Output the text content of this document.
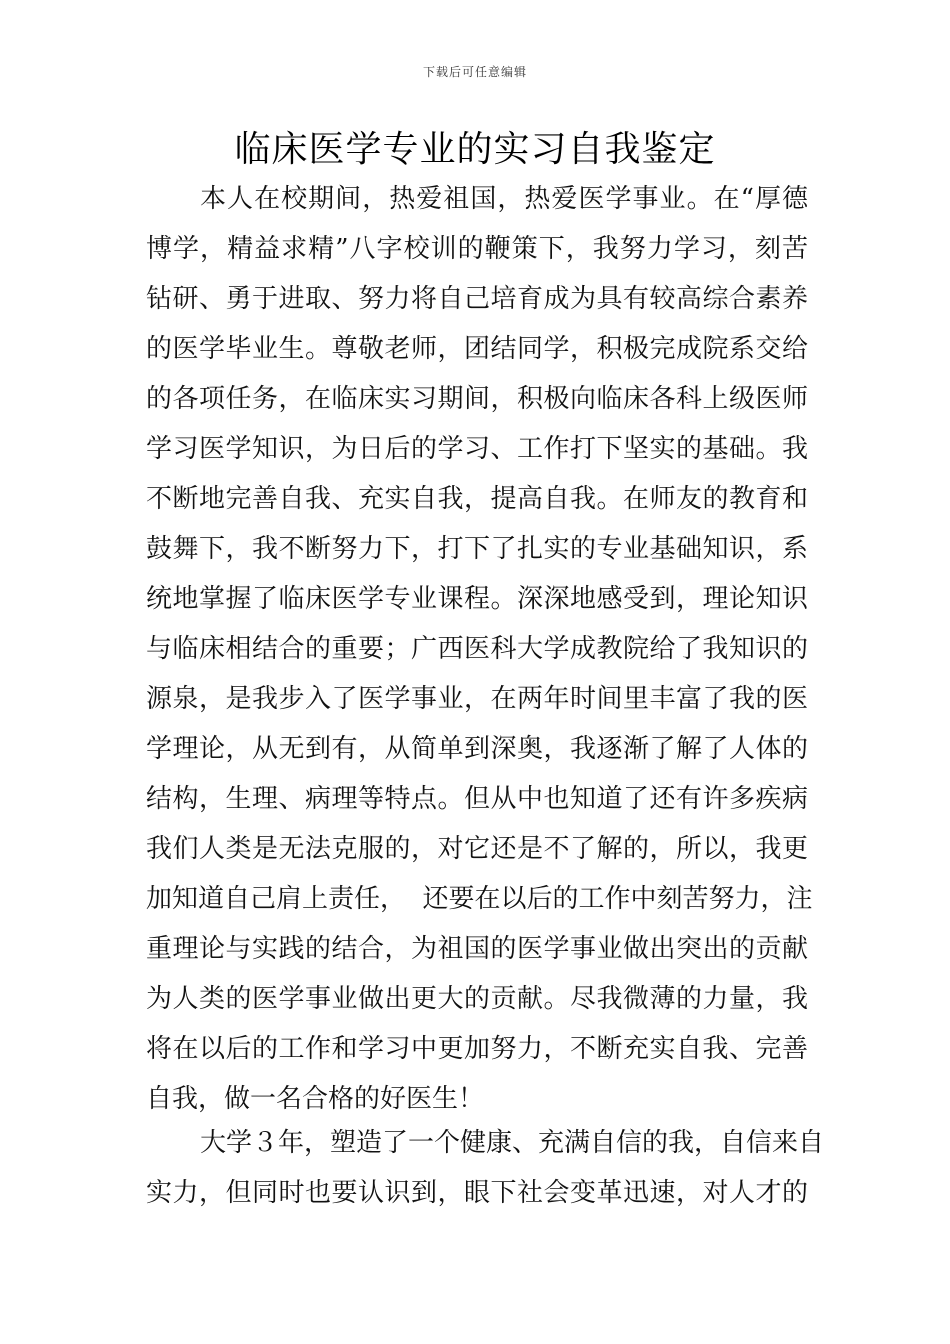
下载后可任意编辑
临床医学专业的实习自我鉴定
本人在校期间，热爱祖国，热爱医学事业。在“厚德
博学，精益求精”八字校训的鞭策下，我努力学习，刻苦
钻研、勇于进取、努力将自己培育成为具有较高综合素养
的医学毕业生。尊敬老师，团结同学，积极完成院系交给
的各项任务，在临床实习期间，积极向临床各科上级医师
学习医学知识，为日后的学习、工作打下坚实的基础。我
不断地完善自我、充实自我，提高自我。在师友的教育和
鼓舞下，我不断努力下，打下了扎实的专业基础知识，系
统地掌握了临床医学专业课程。深深地感受到，理论知识
与临床相结合的重要；广西医科大学成教院给了我知识的
源泉，是我步入了医学事业，在两年时间里丰富了我的医
学理论，从无到有，从简单到深奥，我逐渐了解了人体的
结构，生理、病理等特点。但从中也知道了还有许多疾病
我们人类是无法克服的，对它还是不了解的，所以，我更
加知道自己肩上责任，  还要在以后的工作中刻苦努力，注
重理论与实践的结合，为祖国的医学事业做出突出的贡献
为人类的医学事业做出更大的贡献。尽我微薄的力量，我
将在以后的工作和学习中更加努力，不断充实自我、完善
自我，做一名合格的好医生！
大学３年，塑造了一个健康、充满自信的我，自信来自
实力，但同时也要认识到，眼下社会变革迅速，对人才的
